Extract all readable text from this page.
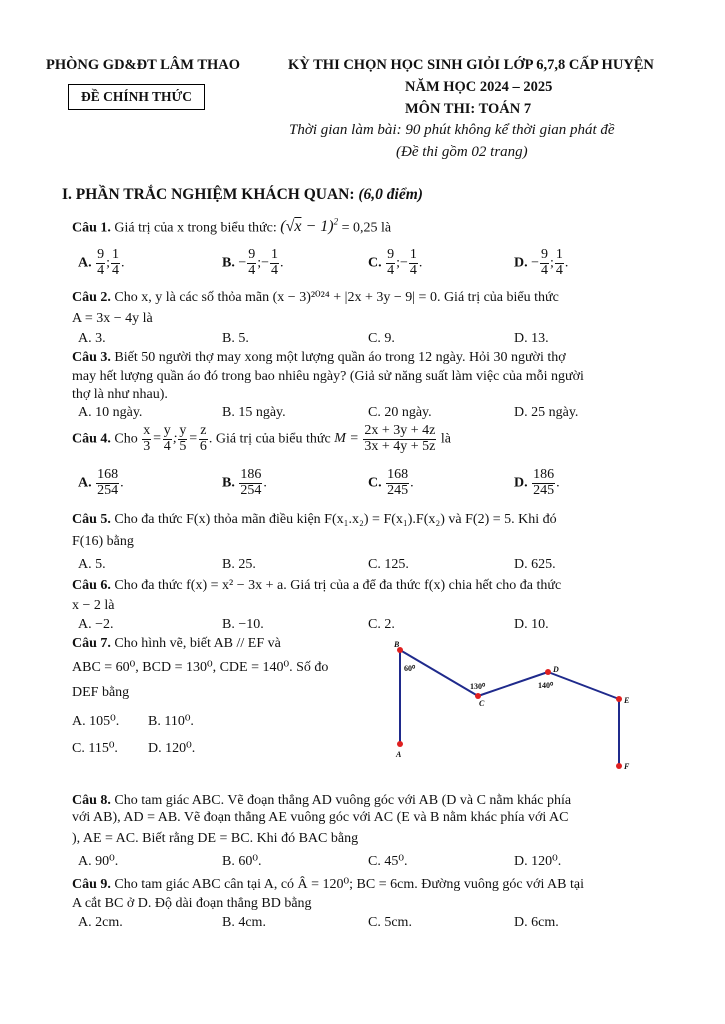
PHÒNG GD&ĐT LÂM THAO	KỲ THI CHỌN HỌC SINH GIỎI LỚP 6,7,8 CẤP HUYỆN
ĐỀ CHÍNH THỨC
NĂM HỌC 2024 – 2025
MÔN THI: TOÁN 7
Thời gian làm bài: 90 phút không kể thời gian phát đề
(Đề thi gồm 02 trang)
I. PHẦN TRẮC NGHIỆM KHÁCH QUAN: (6,0 điểm)
Câu 1. Giá trị của x trong biểu thức: $(√x - 1)^2 = 0,25$ là
A. $\frac{9}{4}$ ; $\frac{1}{4}$ .	B. − $\frac{9}{4}$ ;− $\frac{1}{4}$ .	C. $\frac{9}{4}$ ;− $\frac{1}{4}$ .	D. − $\frac{9}{4}$ ; $\frac{1}{4}$ .
Câu 2. Cho x, y là các số thỏa mãn (x − 3)²⁰²⁴ + |2x + 3y − 9| = 0. Giá trị của biểu thức
A = 3x − 4y là
A. 3.	B. 5.	C. 9.	D. 13.
Câu 3. Biết 50 người thợ may xong một lượng quần áo trong 12 ngày. Hỏi 30 người thợ
may hết lượng quần áo đó trong bao nhiêu ngày? (Giả sử năng suất làm việc của mỗi người
thợ là như nhau).
A. 10 ngày.	B. 15 ngày.	C. 20 ngày.	D. 25 ngày.
Câu 4. Cho $\frac{x}{3} = \frac{y}{4}$ ; $\frac{y}{5} = \frac{z}{6}$ . Giá trị của biểu thức $M = \frac{2x + 3y + 4z}{3x + 4y + 5z}$ là
A. $\frac{168}{254}$ .	B. $\frac{186}{254}$ .	C. $\frac{168}{245}$ .	D. $\frac{186}{245}$ .
Câu 5. Cho đa thức F(x) thỏa mãn điều kiện F(x₁.x₂) = F(x₁).F(x₂) và F(2) = 5. Khi đó
F(16) bằng
A. 5.	B. 25.	C. 125.	D. 625.
Câu 6. Cho đa thức f(x) = x² − 3x + a. Giá trị của a để đa thức f(x) chia hết cho đa thức
x − 2 là
A. −2.	B. −10.	C. 2.	D. 10.
Câu 7. Cho hình vẽ, biết AB // EF và
ABC = 60⁰, BCD = 130⁰, CDE = 140⁰. Số đo
DEF bằng
A. 105⁰. B. 110⁰.
C. 115⁰. D. 120⁰.
B
A
C
D
E
F
60⁰
130⁰	140⁰
Câu 8. Cho tam giác ABC. Vẽ đoạn thẳng AD vuông góc với AB (D và C nằm khác phía
với AB), AD = AB. Vẽ đoạn thẳng AE vuông góc với AC (E và B nằm khác phía với AC
), AE = AC. Biết rằng DE = BC. Khi đó BAC bằng
A. 90⁰.	B. 60⁰.	C. 45⁰.	D. 120⁰.
Câu 9. Cho tam giác ABC cân tại A, có Â = 120⁰; BC = 6cm. Đường vuông góc với AB tại
A cắt BC ở D. Độ dài đoạn thẳng BD bằng
A. 2cm.	B. 4cm.	C. 5cm.	D. 6cm.
